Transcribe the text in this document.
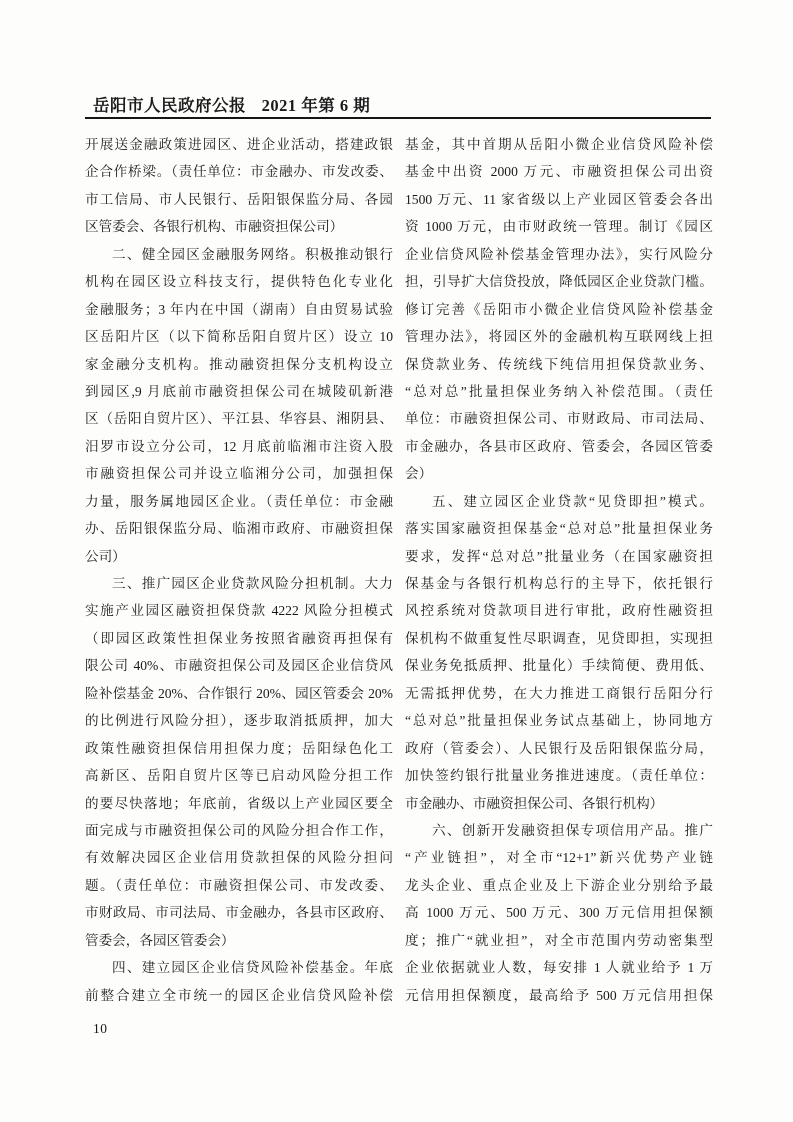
岳阳市人民政府公报 2021 年第 6 期
开展送金融政策进园区、进企业活动，搭建政银
企合作桥梁。（责任单位：市金融办、市发改委、
市工信局、市人民银行、岳阳银保监分局、各园
区管委会、各银行机构、市融资担保公司）
二、健全园区金融服务网络。积极推动银行
机构在园区设立科技支行，提供特色化专业化
金融服务；3 年内在中国（湖南）自由贸易试验
区岳阳片区（以下简称岳阳自贸片区）设立 10
家金融分支机构。推动融资担保分支机构设立
到园区,9 月底前市融资担保公司在城陵矶新港
区（岳阳自贸片区）、平江县、华容县、湘阴县、
汨罗市设立分公司，12 月底前临湘市注资入股
市融资担保公司并设立临湘分公司，加强担保
力量，服务属地园区企业。（责任单位：市金融
办、岳阳银保监分局、临湘市政府、市融资担保
公司）
三、推广园区企业贷款风险分担机制。大力
实施产业园区融资担保贷款 4222 风险分担模式
（即园区政策性担保业务按照省融资再担保有
限公司 40%、市融资担保公司及园区企业信贷风
险补偿基金 20%、合作银行 20%、园区管委会 20%
的比例进行风险分担），逐步取消抵质押，加大
政策性融资担保信用担保力度；岳阳绿色化工
高新区、岳阳自贸片区等已启动风险分担工作
的要尽快落地；年底前，省级以上产业园区要全
面完成与市融资担保公司的风险分担合作工作，
有效解决园区企业信用贷款担保的风险分担问
题。（责任单位：市融资担保公司、市发改委、
市财政局、市司法局、市金融办，各县市区政府、
管委会，各园区管委会）
四、建立园区企业信贷风险补偿基金。年底
前整合建立全市统一的园区企业信贷风险补偿
基金，其中首期从岳阳小微企业信贷风险补偿
基金中出资 2000 万元、市融资担保公司出资
1500 万元、11 家省级以上产业园区管委会各出
资 1000 万元，由市财政统一管理。制订《园区
企业信贷风险补偿基金管理办法》，实行风险分
担，引导扩大信贷投放，降低园区企业贷款门槛。
修订完善《岳阳市小微企业信贷风险补偿基金
管理办法》，将园区外的金融机构互联网线上担
保贷款业务、传统线下纯信用担保贷款业务、
“总对总”批量担保业务纳入补偿范围。（责任
单位：市融资担保公司、市财政局、市司法局、
市金融办，各县市区政府、管委会，各园区管委
会）
五、建立园区企业贷款“见贷即担”模式。
落实国家融资担保基金“总对总”批量担保业务
要求，发挥“总对总”批量业务（在国家融资担
保基金与各银行机构总行的主导下，依托银行
风控系统对贷款项目进行审批，政府性融资担
保机构不做重复性尽职调查，见贷即担，实现担
保业务免抵质押、批量化）手续简便、费用低、
无需抵押优势，在大力推进工商银行岳阳分行
“总对总”批量担保业务试点基础上，协同地方
政府（管委会）、人民银行及岳阳银保监分局，
加快签约银行批量业务推进速度。（责任单位：
市金融办、市融资担保公司、各银行机构）
六、创新开发融资担保专项信用产品。推广
“产业链担”，对全市“12+1”新兴优势产业链
龙头企业、重点企业及上下游企业分别给予最
高 1000 万元、500 万元、300 万元信用担保额
度；推广“就业担”，对全市范围内劳动密集型
企业依据就业人数，每安排 1 人就业给予 1 万
元信用担保额度，最高给予 500 万元信用担保
10
